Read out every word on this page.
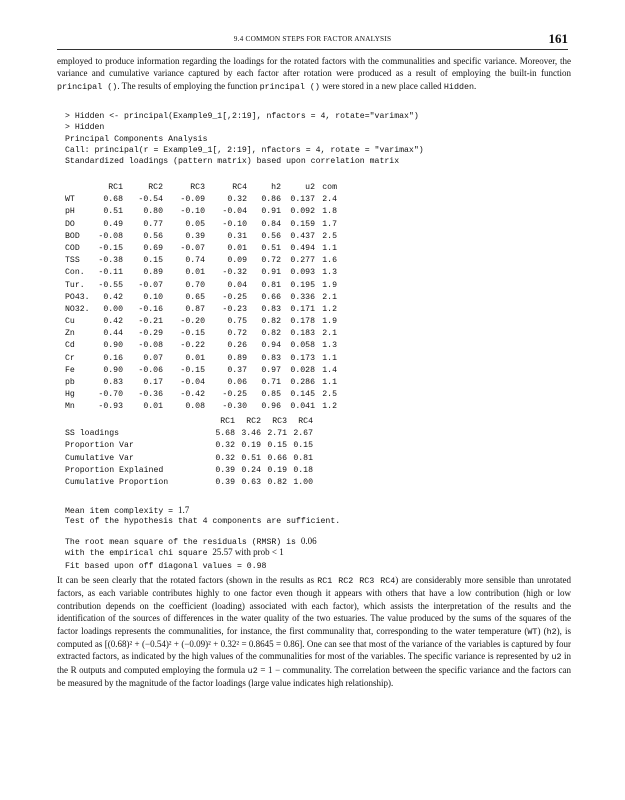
9.4 COMMON STEPS FOR FACTOR ANALYSIS	161

employed to produce information regarding the loadings for the rotated factors with the communalities and specific variance. Moreover, the variance and cumulative variance captured by each factor after rotation were produced as a result of employing the built-in function principal (). The results of employing the function principal () were stored in a new place called Hidden.

> Hidden <- principal(Example9_1[,2:19], nfactors = 4, rotate="varimax")
> Hidden
Principal Components Analysis
Call: principal(r = Example9_1[, 2:19], nfactors = 4, rotate = "varimax")
Standardized loadings (pattern matrix) based upon correlation matrix
RC1	RC2	RC3	RC4	h2	u2 com
WT	0.68	-0.54	-0.09	0.32	0.86	0.137 2.4
pH	0.51	0.80	-0.10	-0.04	0.91	0.092 1.8
DO	0.49	0.77	0.05	-0.10	0.84	0.159 1.7
BOD	-0.08	0.56	0.39	0.31	0.56	0.437 2.5
COD	-0.15	0.69	-0.07	0.01	0.51	0.494 1.1
TSS	-0.38	0.15	0.74	0.09	0.72	0.277 1.6
Con.	-0.11	0.89	0.01	-0.32	0.91	0.093 1.3
Tur.	-0.55	-0.07	0.70	0.04	0.81	0.195 1.9
PO43.	0.42	0.10	0.65	-0.25	0.66	0.336 2.1
NO32.	0.00	-0.16	0.87	-0.23	0.83	0.171 1.2
Cu	0.42	-0.21	-0.20	0.75	0.82	0.178 1.9
Zn	0.44	-0.29	-0.15	0.72	0.82	0.183 2.1
Cd	0.90	-0.08	-0.22	0.26	0.94	0.058 1.3
Cr	0.16	0.07	0.01	0.89	0.83	0.173 1.1
Fe	0.90	-0.06	-0.15	0.37	0.97	0.028 1.4
pb	0.83	0.17	-0.04	0.06	0.71	0.286 1.1
Hg	-0.70	-0.36	-0.42	-0.25	0.85	0.145 2.5
Mn	-0.93	0.01	0.08	-0.30	0.96	0.041 1.2
RC1	RC2	RC3	RC4
SS loadings	5.68 3.46 2.71 2.67
Proportion Var	0.32 0.19 0.15 0.15
Cumulative Var	0.32 0.51 0.66 0.81
Proportion Explained	0.39 0.24 0.19 0.18
Cumulative Proportion	0.39 0.63 0.82 1.00
Mean item complexity = 1.7
Test of the hypothesis that 4 components are sufficient.
The root mean square of the residuals (RMSR) is 0.06
with the empirical chi square 25.57 with prob < 1
Fit based upon off diagonal values = 0.98

It can be seen clearly that the rotated factors (shown in the results as RC1 RC2 RC3 RC4) are considerably more sensible than unrotated factors, as each variable contributes highly to one factor even though it appears with others that have a low contribution (high or low contribution depends on the coefficient (loading) associated with each factor), which assists the interpretation of the results and the identification of the sources of differences in the water quality of the two estuaries. The value produced by the sums of the squares of the factor loadings represents the communalities, for instance, the first communality that, corresponding to the water temperature (WT) (h2), is computed as [(0.68)² + (−0.54)² + (−0.09)² + 0.32² = 0.8645 = 0.86]. One can see that most of the variance of the variables is captured by four extracted factors, as indicated by the high values of the communalities for most of the variables. The specific variance is represented by u2 in the R outputs and computed employing the formula u2 = 1 − communality. The correlation between the specific variance and the factors can be measured by the magnitude of the factor loadings (large value indicates high relationship).
